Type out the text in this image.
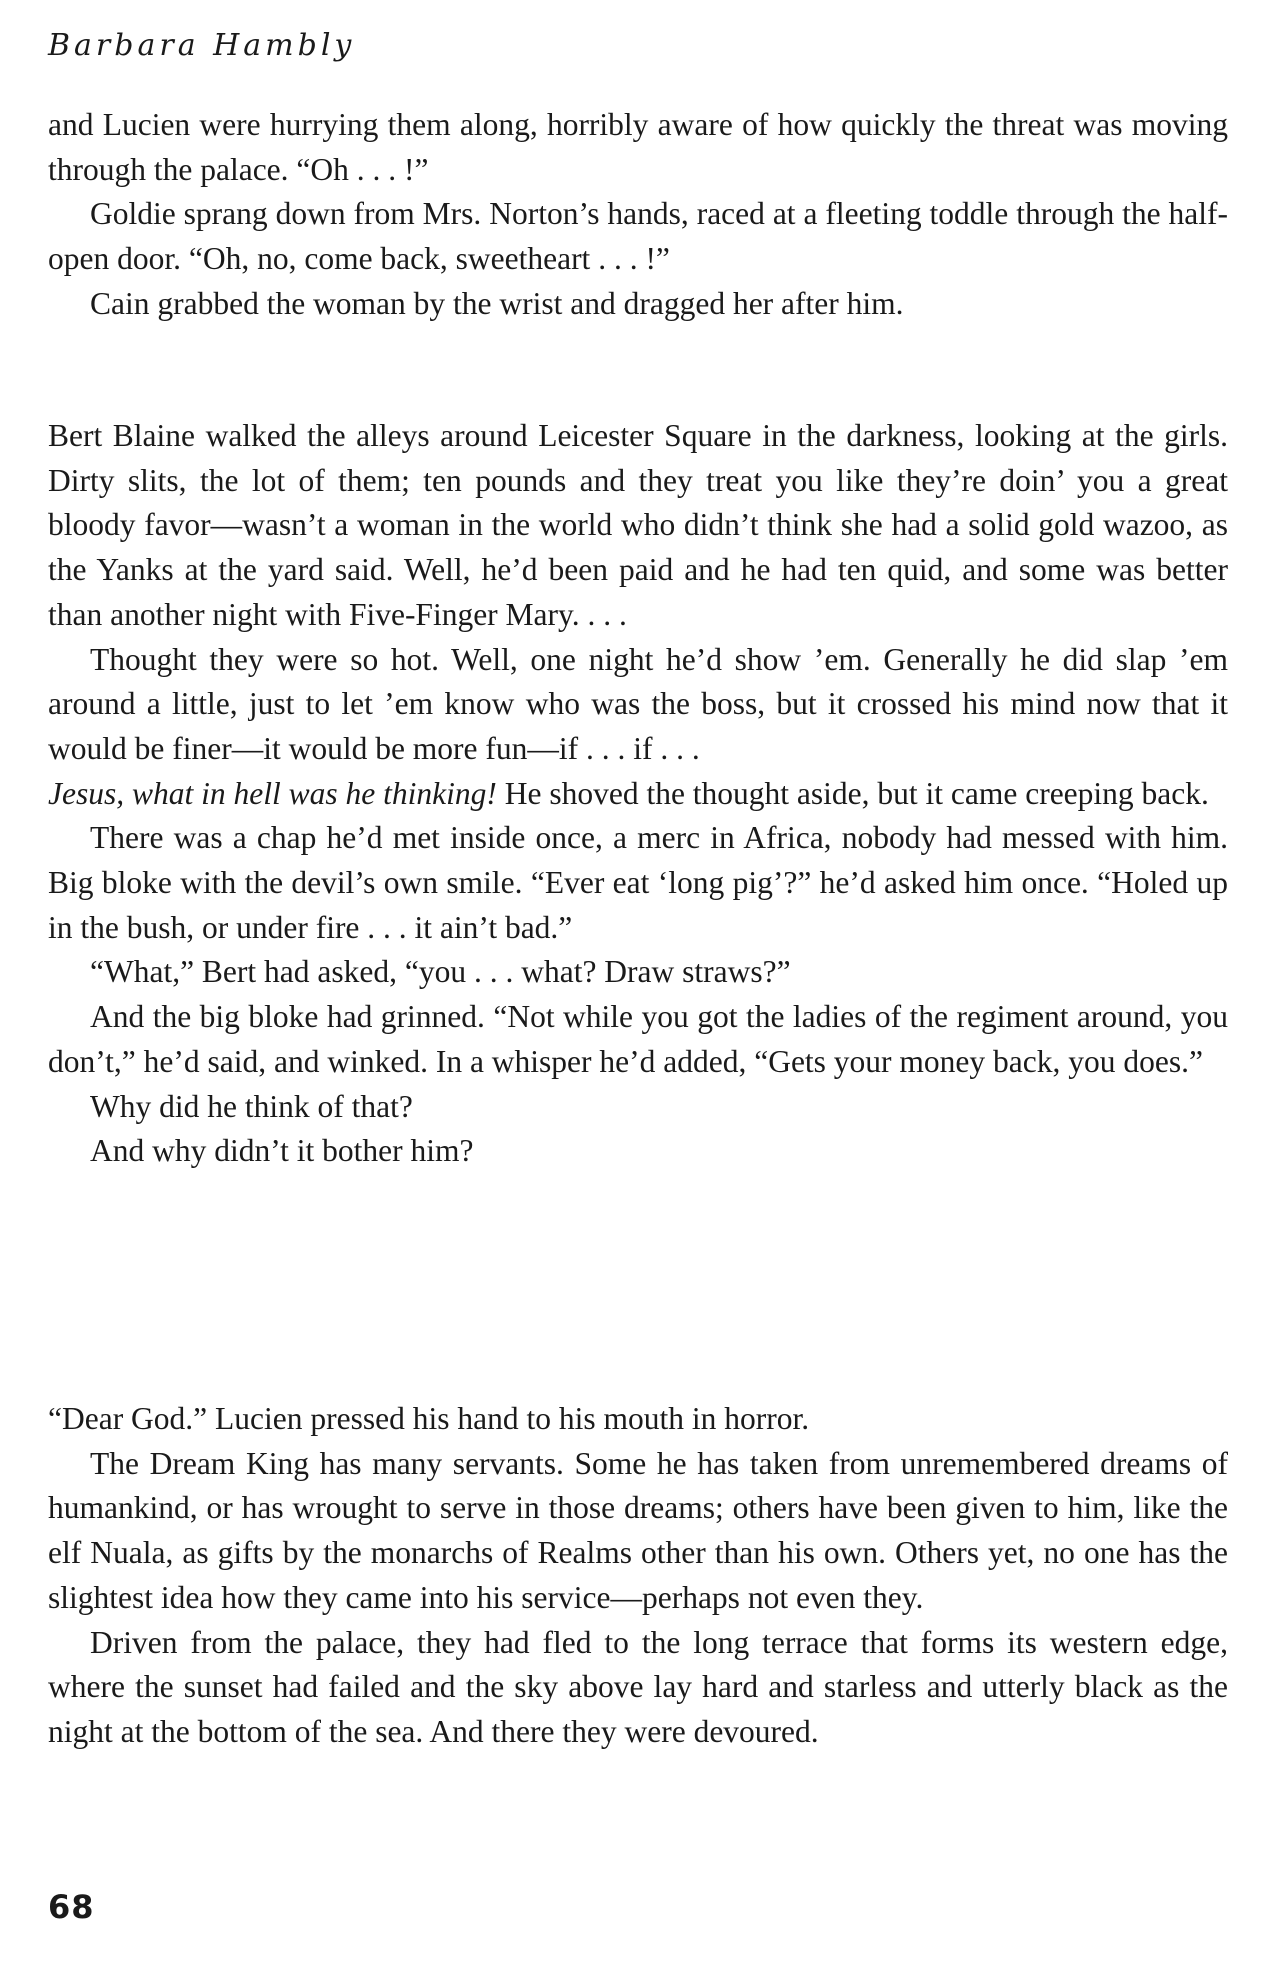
Barbara Hambly

and Lucien were hurrying them along, horribly aware of how quickly the threat was moving through the palace. “Oh . . . !”

Goldie sprang down from Mrs. Norton’s hands, raced at a fleeting toddle through the half-open door. “Oh, no, come back, sweetheart . . . !”

Cain grabbed the woman by the wrist and dragged her after him.

Bert Blaine walked the alleys around Leicester Square in the darkness, looking at the girls. Dirty slits, the lot of them; ten pounds and they treat you like they’re doin’ you a great bloody favor—wasn’t a woman in the world who didn’t think she had a solid gold wazoo, as the Yanks at the yard said. Well, he’d been paid and he had ten quid, and some was better than another night with Five-Finger Mary. . . .

Thought they were so hot. Well, one night he’d show ’em. Generally he did slap ’em around a little, just to let ’em know who was the boss, but it crossed his mind now that it would be finer—it would be more fun—if . . . if . . .

Jesus, what in hell was he thinking! He shoved the thought aside, but it came creeping back.

There was a chap he’d met inside once, a merc in Africa, nobody had messed with him. Big bloke with the devil’s own smile. “Ever eat ‘long pig’?” he’d asked him once. “Holed up in the bush, or under fire . . . it ain’t bad.”

“What,” Bert had asked, “you . . . what? Draw straws?”

And the big bloke had grinned. “Not while you got the ladies of the regiment around, you don’t,” he’d said, and winked. In a whisper he’d added, “Gets your money back, you does.”

Why did he think of that?

And why didn’t it bother him?

“Dear God.” Lucien pressed his hand to his mouth in horror.

The Dream King has many servants. Some he has taken from unremembered dreams of humankind, or has wrought to serve in those dreams; others have been given to him, like the elf Nuala, as gifts by the monarchs of Realms other than his own. Others yet, no one has the slightest idea how they came into his service—perhaps not even they.

Driven from the palace, they had fled to the long terrace that forms its western edge, where the sunset had failed and the sky above lay hard and starless and utterly black as the night at the bottom of the sea. And there they were devoured.

68
